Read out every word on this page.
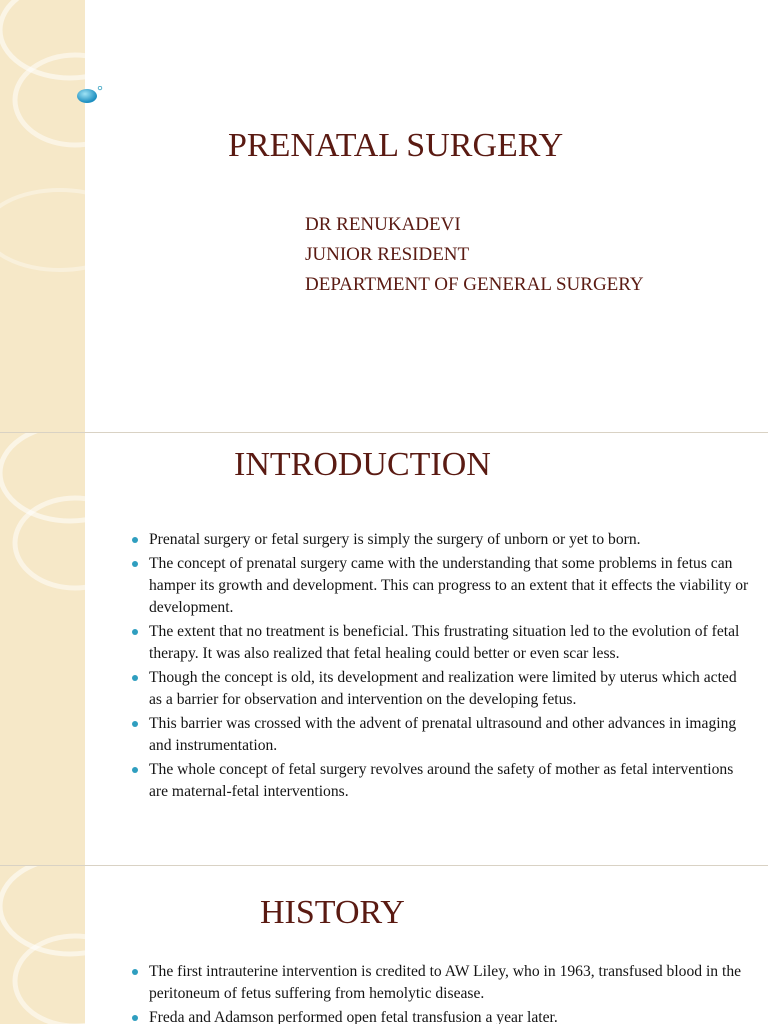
PRENATAL SURGERY
DR RENUKADEVI
JUNIOR RESIDENT
DEPARTMENT OF GENERAL SURGERY
INTRODUCTION
Prenatal surgery or fetal surgery is simply the surgery of unborn or yet to born.
The concept of prenatal surgery came with the understanding that some problems in fetus can hamper its growth and development. This can progress to an extent that it effects the viability or development.
The extent that no treatment is beneficial. This frustrating situation led to the evolution of fetal therapy. It was also realized that fetal healing could better or even scar less.
Though the concept is old, its development and realization were limited by uterus which acted as a barrier for observation and intervention on the developing fetus.
This barrier was crossed with the advent of prenatal ultrasound and other advances in imaging and instrumentation.
The whole concept of fetal surgery revolves around the safety of mother as fetal interventions are maternal-fetal interventions.
HISTORY
The first intrauterine intervention is credited to AW Liley, who in 1963, transfused blood in the peritoneum of fetus suffering from hemolytic disease.
Freda and Adamson performed open fetal transfusion a year later.
